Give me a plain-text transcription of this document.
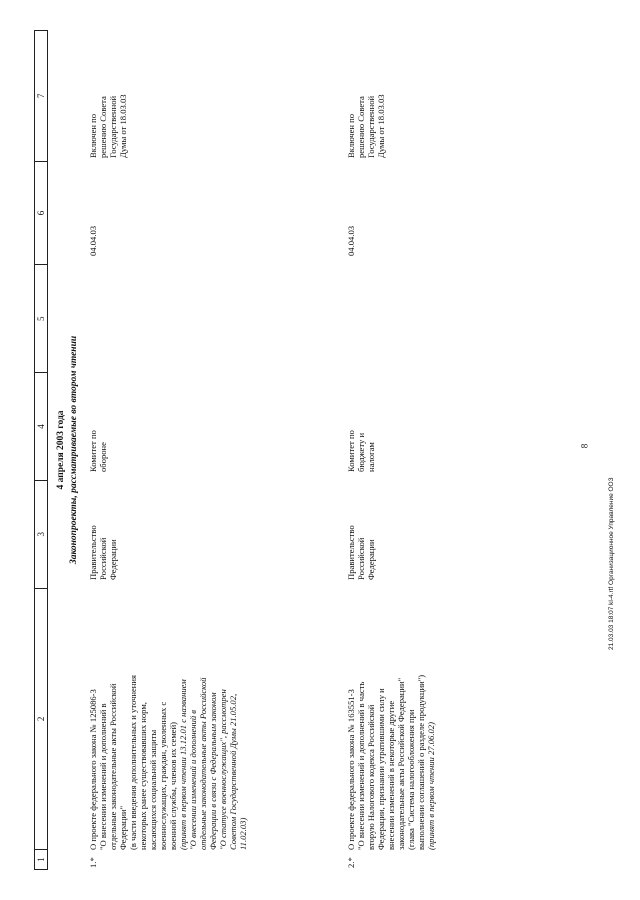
8
1
2
3
4
5
6
7
4 апреля 2003 года Законопроекты, рассматриваемые во втором чтении
1.*
О проекте федерального закона № 125086-3 "О внесении изменений и дополнений в отдельные законодательные акты Российской Федерации" (в части введения дополнительных и уточнения некоторых ранее существовавших норм, касающихся социальной защиты военнослужащих, граждан, уволенных с военной службы, членов их семей) (принят в первом чтении 13.12.01 с названием "О внесении изменений и дополнений в отдельные законодательные акты Российской Федерации в связи с Федеральным законом "О статусе военнослужащих", рассмотрен Советом Государственной Думы 21.05.02, 11.02.03)
Правительство Российской Федерации
Комитет по обороне
04.04.03
Включен по решению Совета Государственной Думы от 18.03.03
2.*
О проекте федерального закона № 163551-3 "О внесении изменений и дополнений в часть вторую Налогового кодекса Российской Федерации, признании утратившими силу и внесении изменений в некоторые другие законодательные акты Российской Федерации" (глава "Система налогообложения при выполнении соглашений о разделе продукции") (принят в первом чтении 27.06.02)
Правительство Российской Федерации
Комитет по бюджету и налогам
04.04.03
Включен по решению Совета Государственной Думы от 18.03.03
21.03.03 18:07 kl-4.rtf Организационное Управление ООЗ
